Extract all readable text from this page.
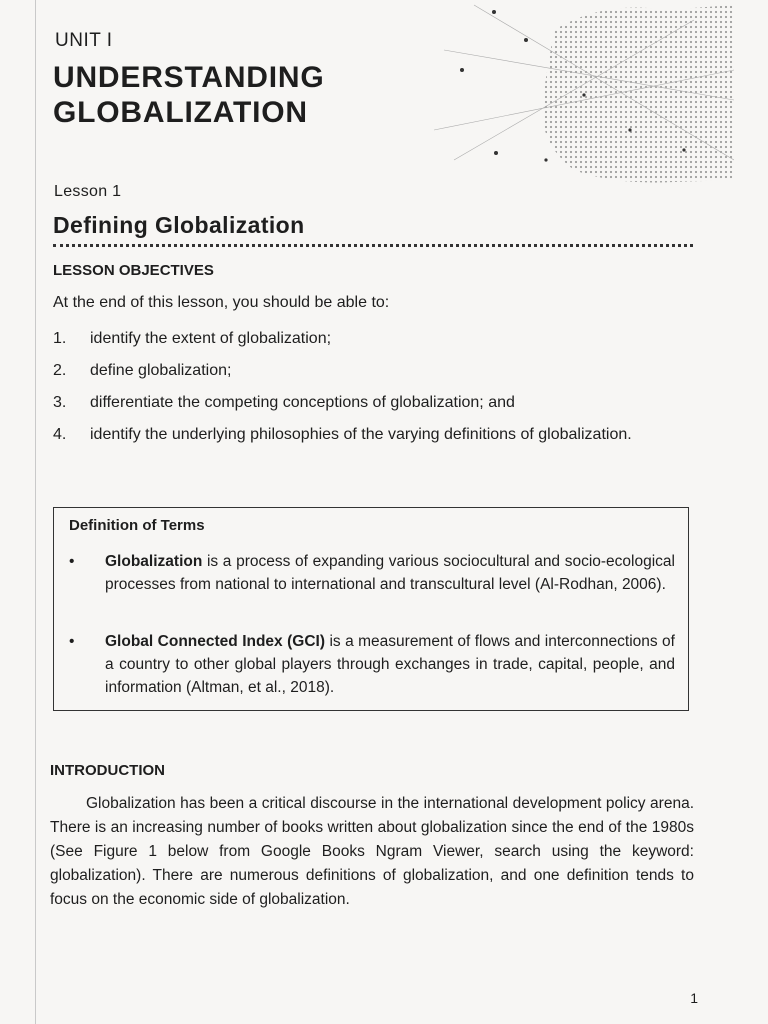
UNIT I
UNDERSTANDING
GLOBALIZATION
Lesson 1
Defining Globalization
LESSON OBJECTIVES
At the end of this lesson, you should be able to:
1. identify the extent of globalization;
2. define globalization;
3. differentiate the competing conceptions of globalization; and
4. identify the underlying philosophies of the varying definitions of globalization.
Definition of Terms
• Globalization is a process of expanding various sociocultural and socio-ecological processes from national to international and transcultural level (Al-Rodhan, 2006).
• Global Connected Index (GCI) is a measurement of flows and interconnections of a country to other global players through exchanges in trade, capital, people, and information (Altman, et al., 2018).
INTRODUCTION
Globalization has been a critical discourse in the international development policy arena. There is an increasing number of books written about globalization since the end of the 1980s (See Figure 1 below from Google Books Ngram Viewer, search using the keyword: globalization). There are numerous definitions of globalization, and one definition tends to focus on the economic side of globalization.
1
